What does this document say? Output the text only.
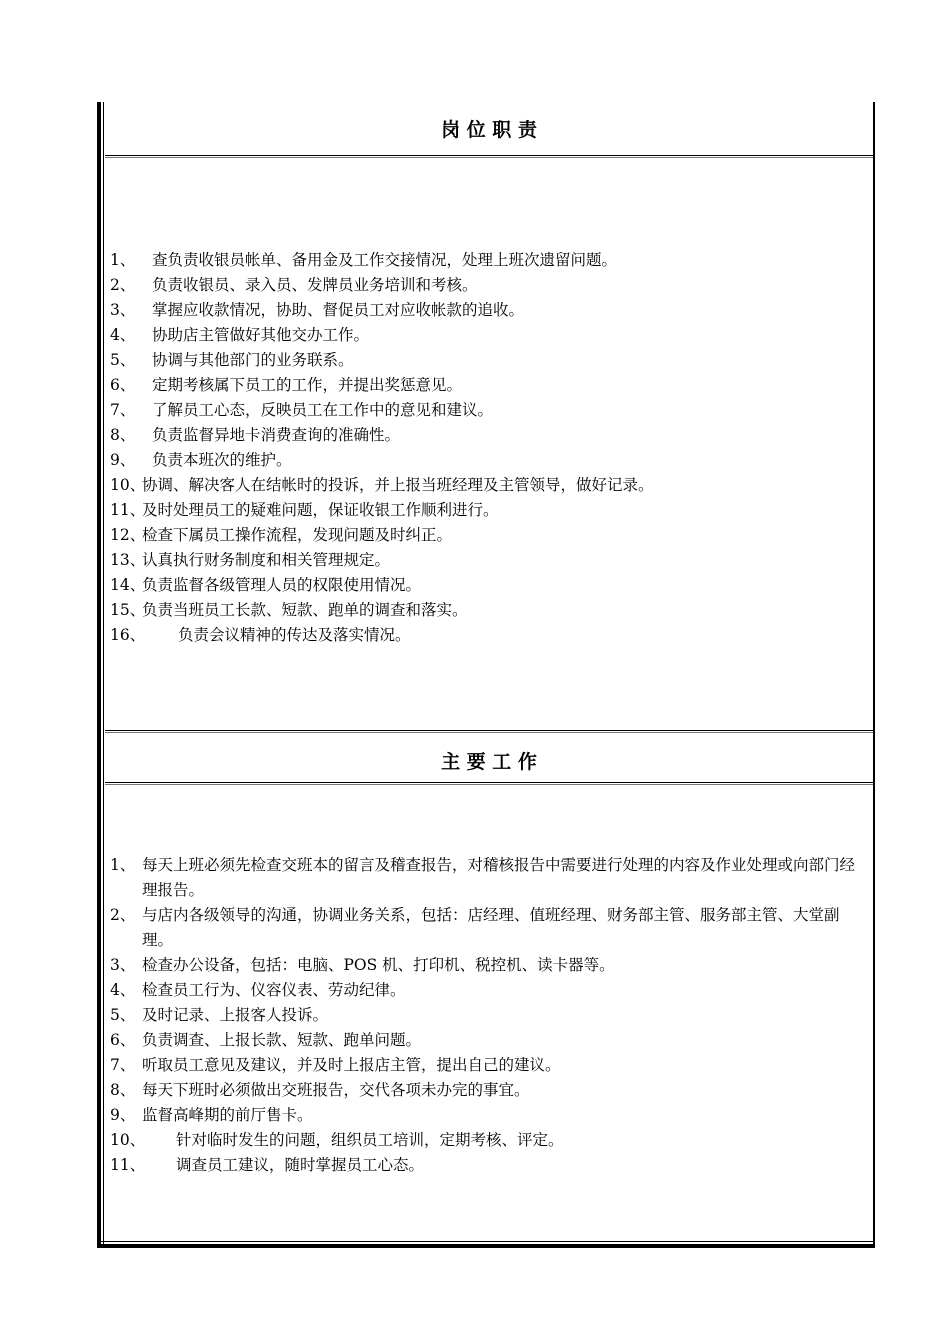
岗 位 职 责
1、	查负责收银员帐单、备用金及工作交接情况，处理上班次遗留问题。
2、	负责收银员、录入员、发牌员业务培训和考核。
3、	掌握应收款情况，协助、督促员工对应收帐款的追收。
4、	协助店主管做好其他交办工作。
5、	协调与其他部门的业务联系。
6、	定期考核属下员工的工作，并提出奖惩意见。
7、	了解员工心态，反映员工在工作中的意见和建议。
8、	负责监督异地卡消费查询的准确性。
9、	负责本班次的维护。
10、
协调、解决客人在结帐时的投诉，并上报当班经理及主管领导，做好记录。
11、
及时处理员工的疑难问题，保证收银工作顺利进行。
12、
检查下属员工操作流程，发现问题及时纠正。
13、
认真执行财务制度和相关管理规定。
14、
负责监督各级管理人员的权限使用情况。
15、
负责当班员工长款、短款、跑单的调查和落实。
16、	负责会议精神的传达及落实情况。
主 要 工 作
1、 每天上班必须先检查交班本的留言及稽查报告，对稽核报告中需要进行处理的内容及作业处理或向部门经理报告。
2、 与店内各级领导的沟通，协调业务关系，包括：店经理、值班经理、财务部主管、服务部主管、大堂副理。
3、 检查办公设备，包括：电脑、POS 机、打印机、税控机、读卡器等。
4、 检查员工行为、仪容仪表、劳动纪律。
5、 及时记录、上报客人投诉。
6、 负责调查、上报长款、短款、跑单问题。
7、 听取员工意见及建议，并及时上报店主管，提出自己的建议。
8、 每天下班时必须做出交班报告，交代各项未办完的事宜。
9、 监督高峰期的前厅售卡。
10、	针对临时发生的问题，组织员工培训，定期考核、评定。
11、	调查员工建议，随时掌握员工心态。
